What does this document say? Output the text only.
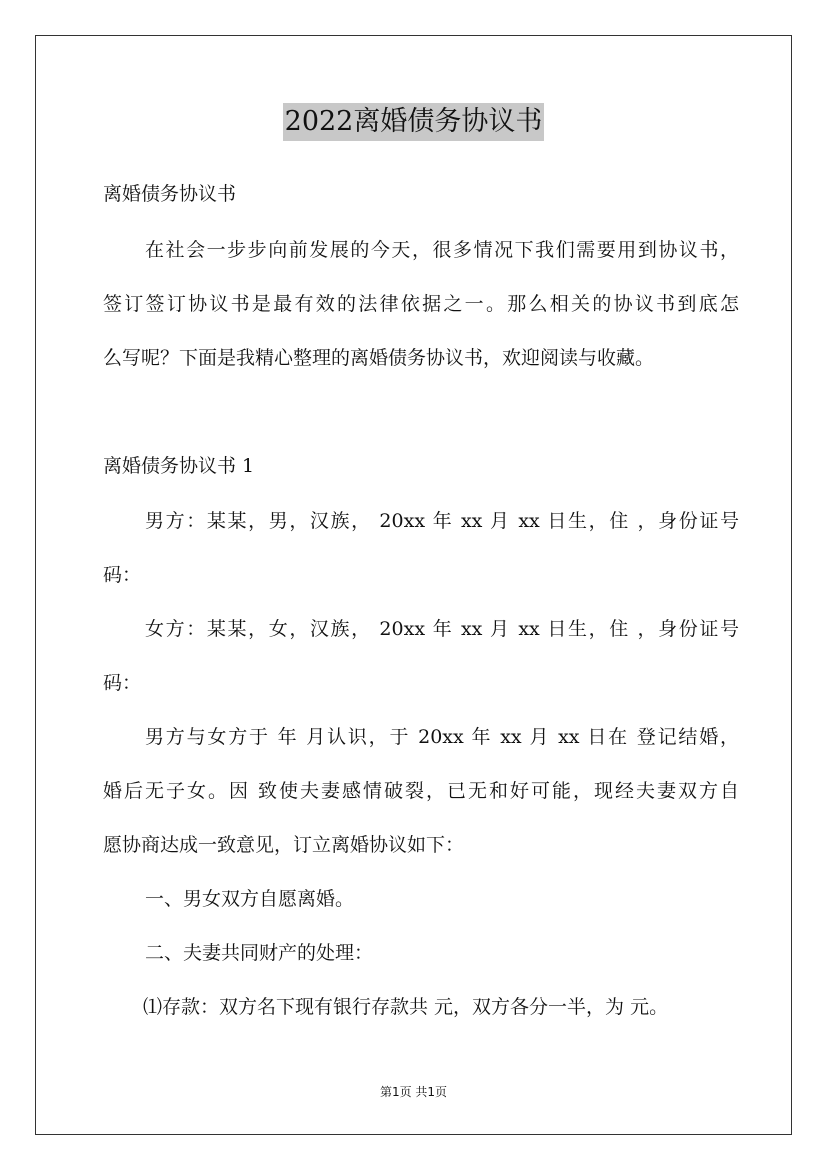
2022离婚债务协议书
离婚债务协议书
在社会一步步向前发展的今天，很多情况下我们需要用到协议书，
签订签订协议书是最有效的法律依据之一。那么相关的协议书到底怎
么写呢？下面是我精心整理的离婚债务协议书，欢迎阅读与收藏。
离婚债务协议书 1
男方：某某，男，汉族， 20xx 年 xx 月 xx 日生，住 ，身份证号
码：
女方：某某，女，汉族， 20xx 年 xx 月 xx 日生，住 ，身份证号
码：
男方与女方于 年 月认识，于 20xx 年 xx 月 xx 日在 登记结婚，
婚后无子女。因 致使夫妻感情破裂，已无和好可能，现经夫妻双方自
愿协商达成一致意见，订立离婚协议如下：
一、男女双方自愿离婚。
二、夫妻共同财产的处理：
⑴存款：双方名下现有银行存款共 元，双方各分一半，为 元。
第1页 共1页
